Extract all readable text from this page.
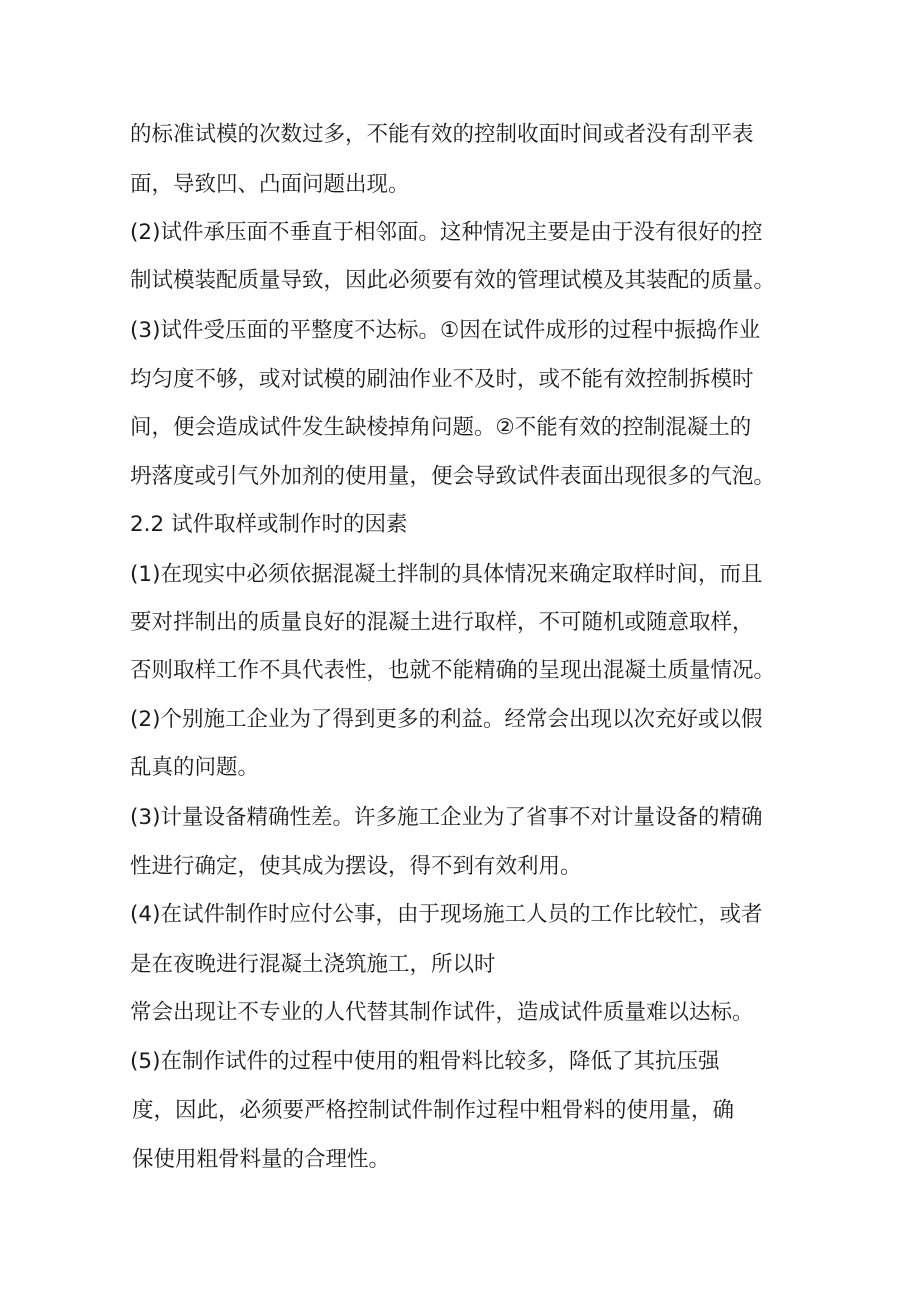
的标准试模的次数过多，不能有效的控制收面时间或者没有刮平表
面，导致凹、凸面问题出现。
(2)试件承压面不垂直于相邻面。这种情况主要是由于没有很好的控
制试模装配质量导致，因此必须要有效的管理试模及其装配的质量。
(3)试件受压面的平整度不达标。①因在试件成形的过程中振捣作业
均匀度不够，或对试模的刷油作业不及时，或不能有效控制拆模时
间，便会造成试件发生缺棱掉角问题。②不能有效的控制混凝土的
坍落度或引气外加剂的使用量，便会导致试件表面出现很多的气泡。
2.2 试件取样或制作时的因素
(1)在现实中必须依据混凝土拌制的具体情况来确定取样时间，而且
要对拌制出的质量良好的混凝土进行取样，不可随机或随意取样，
否则取样工作不具代表性，也就不能精确的呈现出混凝土质量情况。
(2)个别施工企业为了得到更多的利益。经常会出现以次充好或以假
乱真的问题。
(3)计量设备精确性差。许多施工企业为了省事不对计量设备的精确
性进行确定，使其成为摆设，得不到有效利用。
(4)在试件制作时应付公事，由于现场施工人员的工作比较忙，或者
是在夜晚进行混凝土浇筑施工，所以时
常会出现让不专业的人代替其制作试件，造成试件质量难以达标。
(5)在制作试件的过程中使用的粗骨料比较多，降低了其抗压强
度，因此，必须要严格控制试件制作过程中粗骨料的使用量，确
保使用粗骨料量的合理性。
